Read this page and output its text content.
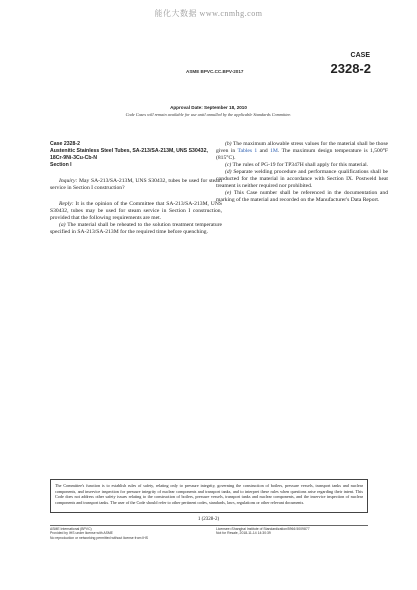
能化大数据 www.cnmhg.com
ASME BPVC.CC.BPV-2017
CASE
2328-2
Approval Date: September 18, 2010
Code Cases will remain available for use until annulled by the applicable Standards Committee.
Case 2328-2
Austenitic Stainless Steel Tubes, SA-213/SA-213M, UNS S30432, 18Cr-9Ni-3Cu-Cb-N
Section I

Inquiry: May SA-213/SA-213M, UNS S30432, tubes be used for steam service in Section I construction?

Reply: It is the opinion of the Committee that SA-213/SA-213M, UNS S30432, tubes may be used for steam service in Section I construction, provided that the following requirements are met.

(a) The material shall be reheated to the solution treatment temperature specified in SA-213/SA-213M for the required time before quenching.

(b) The maximum allowable stress values for the material shall be those given in Tables 1 and 1M. The maximum design temperature is 1,500°F (815°C).

(c) The rules of PG-19 for TP347H shall apply for this material.

(d) Separate welding procedure and performance qualifications shall be conducted for the material in accordance with Section IX. Postweld heat treament is neither required nor prohibited.

(e) This Case number shall be referenced in the documentation and marking of the material and recorded on the Manufacturer's Data Report.

The Committee's function is to establish rules of safety, relating only to pressure integrity, governing the construction of boilers, pressure vessels, transport tanks and nuclear components, and inservice inspection for pressure integrity of nuclear components and transport tanks, and to interpret these rules when questions arise regarding their intent. This Code does not address other safety issues relating to the construction of boilers, pressure vessels, transport tanks and nuclear components, and the inservice inspection of nuclear components and transport tanks. The user of the Code should refer to other pertinent codes, standards, laws, regulations or other relevant documents.
1 (2328-2)
ASME International (BPVC)
Provided by IHS under license with ASME
No reproduction or networking permitted without license from IHS
Licensee=Shanghai Institute of Standardization/5966 5009877
Not for Resale, 2018-11-14 14:30:39
